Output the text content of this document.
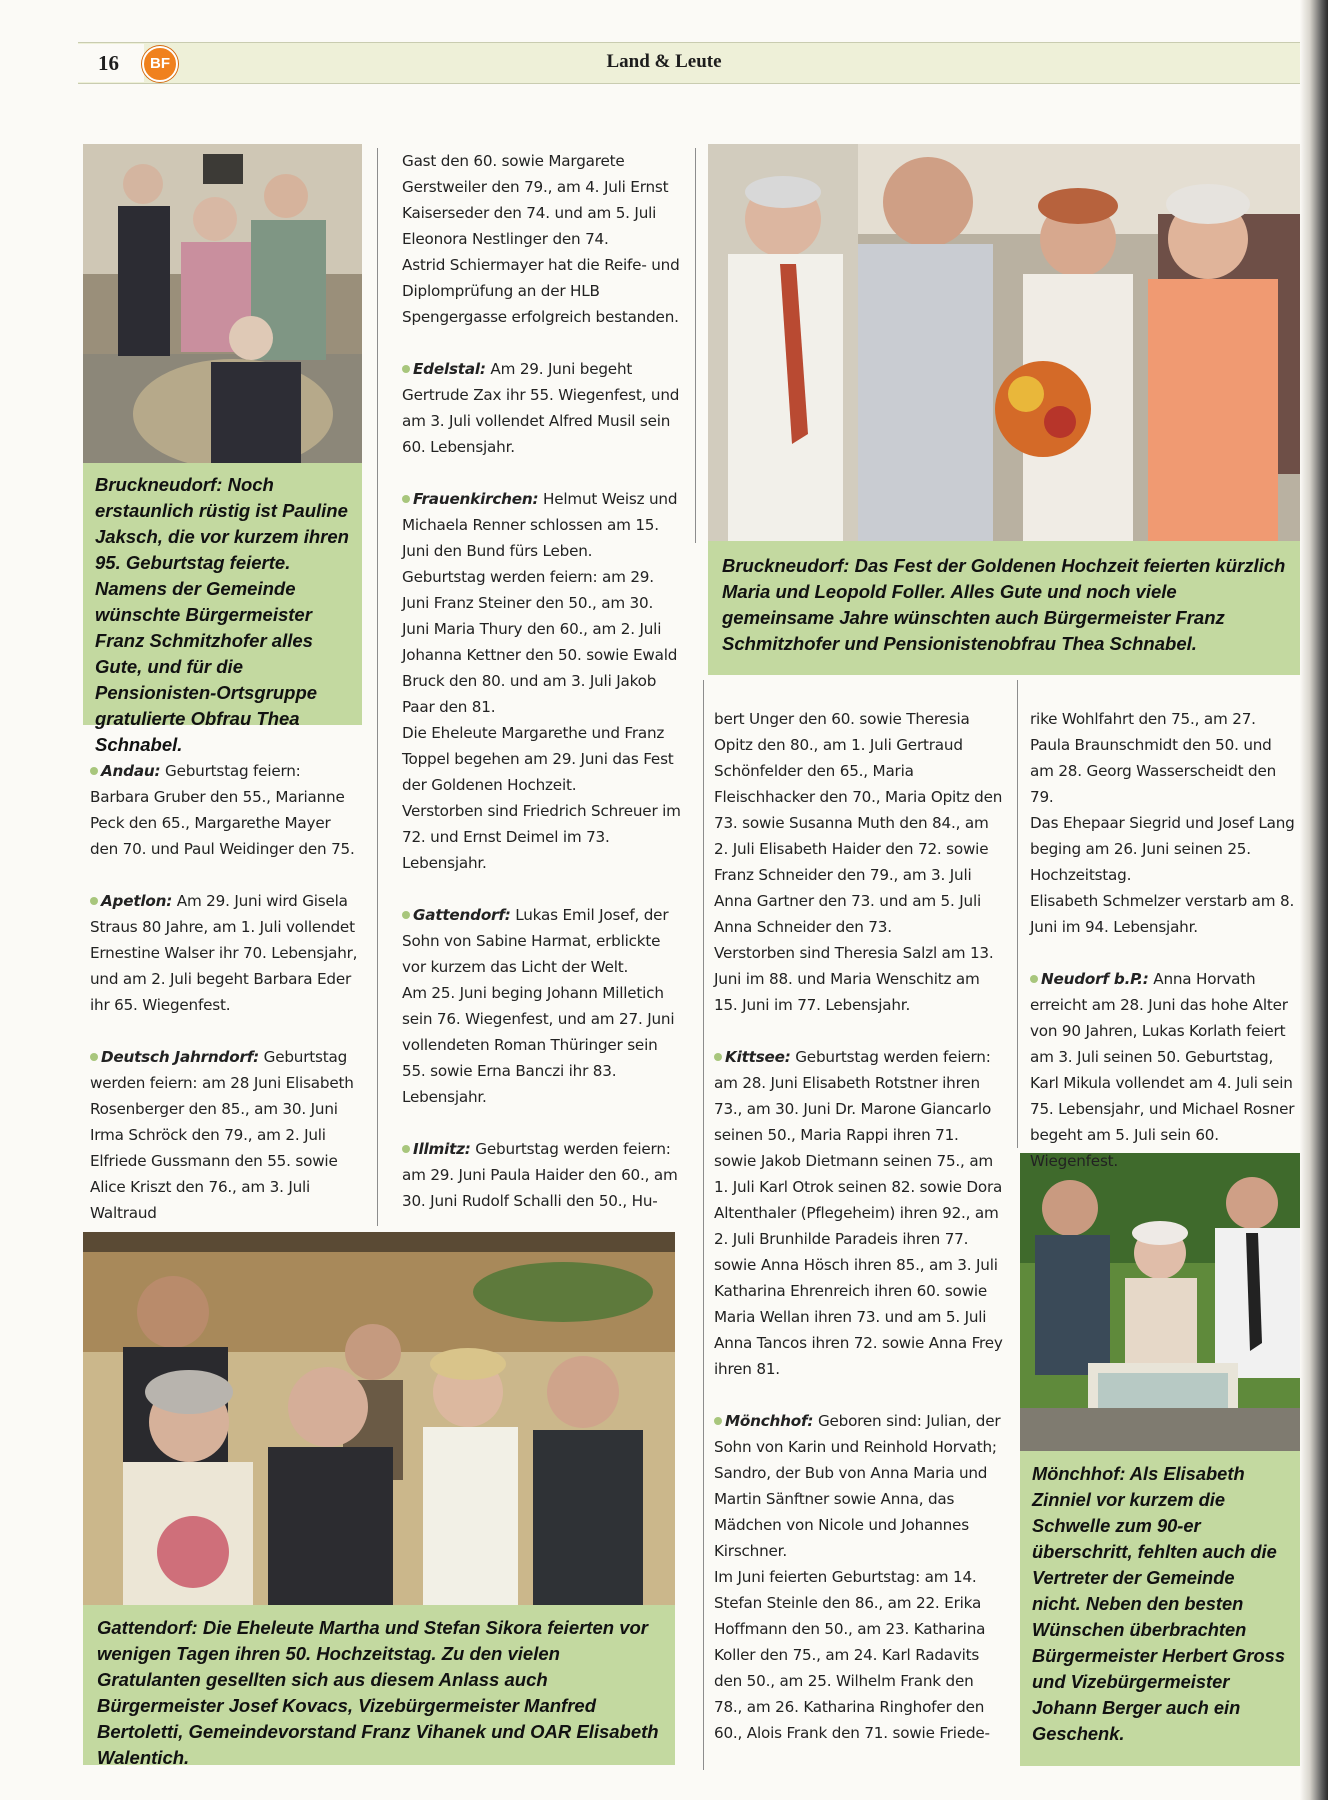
16	BF	Land & Leute
Bruckneudorf: Noch erstaunlich rüstig ist Pauline Jaksch, die vor kurzem ihren 95. Geburtstag feierte. Namens der Gemeinde wünschte Bürgermeister Franz Schmitzhofer alles Gute, und für die Pensionisten-Ortsgruppe gratulierte Obfrau Thea Schnabel.
Bruckneudorf: Das Fest der Goldenen Hochzeit feierten kürzlich Maria und Leopold Foller. Alles Gute und noch viele gemeinsame Jahre wünschten auch Bürgermeister Franz Schmitzhofer und Pensionistenobfrau Thea Schnabel.
Gattendorf: Die Eheleute Martha und Stefan Sikora feierten vor wenigen Tagen ihren 50. Hochzeitstag. Zu den vielen Gratulanten gesellten sich aus diesem Anlass auch Bürgermeister Josef Kovacs, Vizebürgermeister Manfred Bertoletti, Gemeindevorstand Franz Vihanek und OAR Elisabeth Walentich.
Mönchhof: Als Elisabeth Zinniel vor kurzem die Schwelle zum 90-er überschritt, fehlten auch die Vertreter der Gemeinde nicht. Neben den besten Wünschen überbrachten Bürgermeister Herbert Gross und Vizebürgermeister Johann Berger auch ein Geschenk.

Andau: Geburtstag feiern: Barbara Gruber den 55., Marianne Peck den 65., Margarethe Mayer den 70. und Paul Weidinger den 75.

Apetlon: Am 29. Juni wird Gisela Straus 80 Jahre, am 1. Juli vollendet Ernestine Walser ihr 70. Lebensjahr, und am 2. Juli begeht Barbara Eder ihr 65. Wiegenfest.

Deutsch Jahrndorf: Geburtstag werden feiern: am 28 Juni Elisabeth Rosenberger den 85., am 30. Juni Irma Schröck den 79., am 2. Juli Elfriede Gussmann den 55. sowie Alice Kriszt den 76., am 3. Juli Waltraud

Gast den 60. sowie Margarete Gerstweiler den 79., am 4. Juli Ernst Kaiserseder den 74. und am 5. Juli Eleonora Nestlinger den 74.

Astrid Schiermayer hat die Reife- und Diplomprüfung an der HLB Spengergasse erfolgreich bestanden.

Edelstal: Am 29. Juni begeht Gertrude Zax ihr 55. Wiegenfest, und am 3. Juli vollendet Alfred Musil sein 60. Lebensjahr.

Frauenkirchen: Helmut Weisz und Michaela Renner schlossen am 15. Juni den Bund fürs Leben.

Geburtstag werden feiern: am 29. Juni Franz Steiner den 50., am 30. Juni Maria Thury den 60., am 2. Juli Johanna Kettner den 50. sowie Ewald Bruck den 80. und am 3. Juli Jakob Paar den 81.

Die Eheleute Margarethe und Franz Toppel begehen am 29. Juni das Fest der Goldenen Hochzeit.

Verstorben sind Friedrich Schreuer im 72. und Ernst Deimel im 73. Lebensjahr.

Gattendorf: Lukas Emil Josef, der Sohn von Sabine Harmat, erblickte vor kurzem das Licht der Welt.

Am 25. Juni beging Johann Milletich sein 76. Wiegenfest, und am 27. Juni vollendeten Roman Thüringer sein 55. sowie Erna Banczi ihr 83. Lebensjahr.

Illmitz: Geburtstag werden feiern: am 29. Juni Paula Haider den 60., am 30. Juni Rudolf Schalli den 50., Hu-

bert Unger den 60. sowie Theresia Opitz den 80., am 1. Juli Gertraud Schönfelder den 65., Maria Fleischhacker den 70., Maria Opitz den 73. sowie Susanna Muth den 84., am 2. Juli Elisabeth Haider den 72. sowie Franz Schneider den 79., am 3. Juli Anna Gartner den 73. und am 5. Juli Anna Schneider den 73.

Verstorben sind Theresia Salzl am 13. Juni im 88. und Maria Wenschitz am 15. Juni im 77. Lebensjahr.

Kittsee: Geburtstag werden feiern: am 28. Juni Elisabeth Rotstner ihren 73., am 30. Juni Dr. Marone Giancarlo seinen 50., Maria Rappi ihren 71. sowie Jakob Dietmann seinen 75., am 1. Juli Karl Otrok seinen 82. sowie Dora Altenthaler (Pflegeheim) ihren 92., am 2. Juli Brunhilde Paradeis ihren 77. sowie Anna Hösch ihren 85., am 3. Juli Katharina Ehrenreich ihren 60. sowie Maria Wellan ihren 73. und am 5. Juli Anna Tancos ihren 72. sowie Anna Frey ihren 81.

Mönchhof: Geboren sind: Julian, der Sohn von Karin und Reinhold Horvath; Sandro, der Bub von Anna Maria und Martin Sänftner sowie Anna, das Mädchen von Nicole und Johannes Kirschner.

Im Juni feierten Geburtstag: am 14. Stefan Steinle den 86., am 22. Erika Hoffmann den 50., am 23. Katharina Koller den 75., am 24. Karl Radavits den 50., am 25. Wilhelm Frank den 78., am 26. Katharina Ringhofer den 60., Alois Frank den 71. sowie Friede-

rike Wohlfahrt den 75., am 27. Paula Braunschmidt den 50. und am 28. Georg Wasserscheidt den 79.

Das Ehepaar Siegrid und Josef Lang beging am 26. Juni seinen 25. Hochzeitstag.

Elisabeth Schmelzer verstarb am 8. Juni im 94. Lebensjahr.

Neudorf b.P.: Anna Horvath erreicht am 28. Juni das hohe Alter von 90 Jahren, Lukas Korlath feiert am 3. Juli seinen 50. Geburtstag, Karl Mikula vollendet am 4. Juli sein 75. Lebensjahr, und Michael Rosner begeht am 5. Juli sein 60. Wiegenfest.
